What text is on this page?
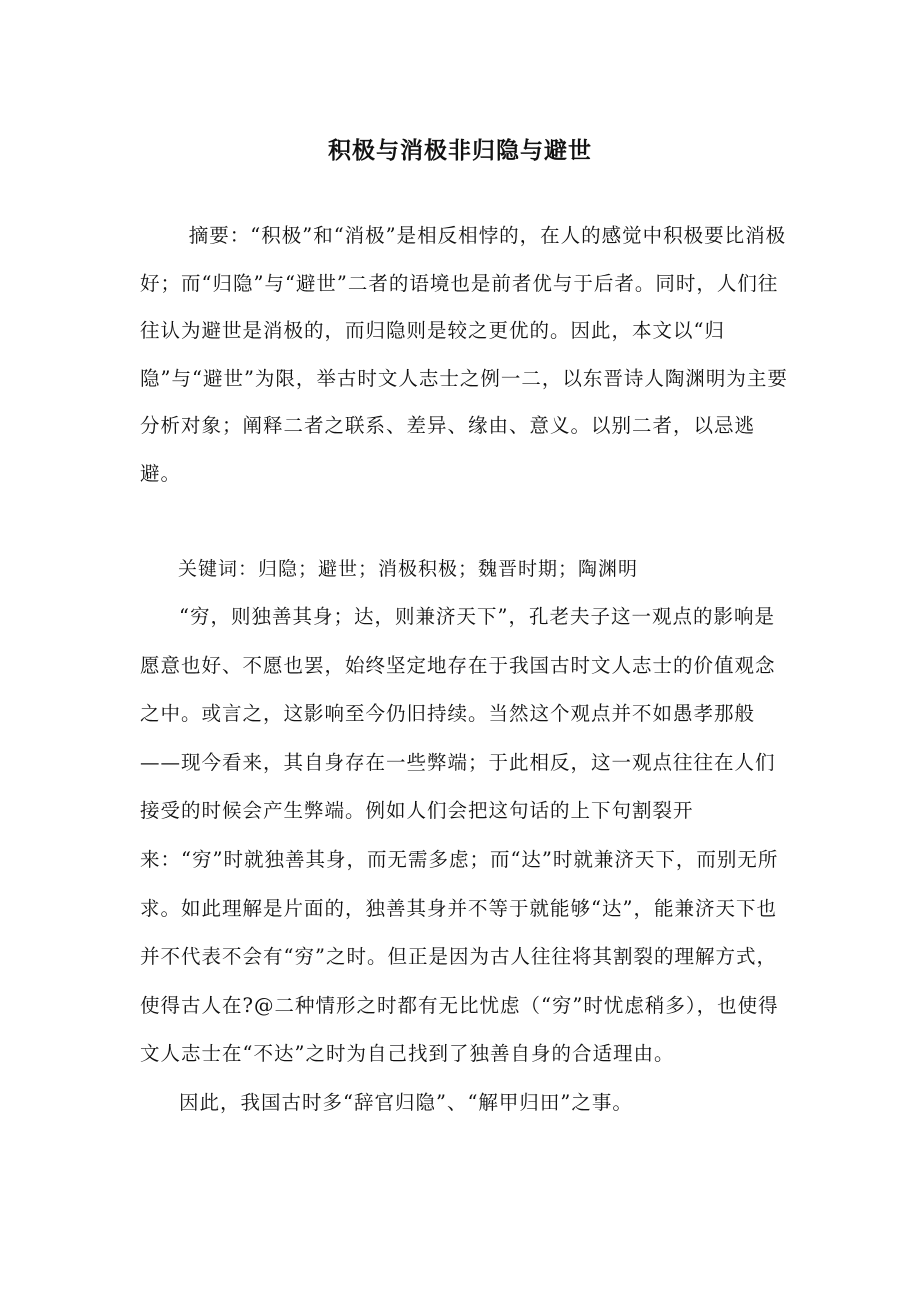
积极与消极非归隐与避世

摘要：“积极”和“消极”是相反相悖的，在人的感觉中积极要比消极好；而“归隐”与“避世”二者的语境也是前者优与于后者。同时，人们往往认为避世是消极的，而归隐则是较之更优的。因此，本文以“归隐”与“避世”为限，举古时文人志士之例一二，以东晋诗人陶渊明为主要分析对象；阐释二者之联系、差异、缘由、意义。以别二者，以忌逃避。

关键词：归隐；避世；消极积极；魏晋时期；陶渊明

“穷，则独善其身；达，则兼济天下”，孔老夫子这一观点的影响是愿意也好、不愿也罢，始终坚定地存在于我国古时文人志士的价值观念之中。或言之，这影响至今仍旧持续。当然这个观点并不如愚孝那般——现今看来，其自身存在一些弊端；于此相反，这一观点往往在人们接受的时候会产生弊端。例如人们会把这句话的上下句割裂开来：“穷”时就独善其身，而无需多虑；而“达”时就兼济天下，而别无所求。如此理解是片面的，独善其身并不等于就能够“达”，能兼济天下也并不代表不会有“穷”之时。但正是因为古人往往将其割裂的理解方式，使得古人在?@二种情形之时都有无比忧虑（“穷”时忧虑稍多），也使得文人志士在“不达”之时为自己找到了独善自身的合适理由。

因此，我国古时多“辞官归隐”、“解甲归田”之事。
